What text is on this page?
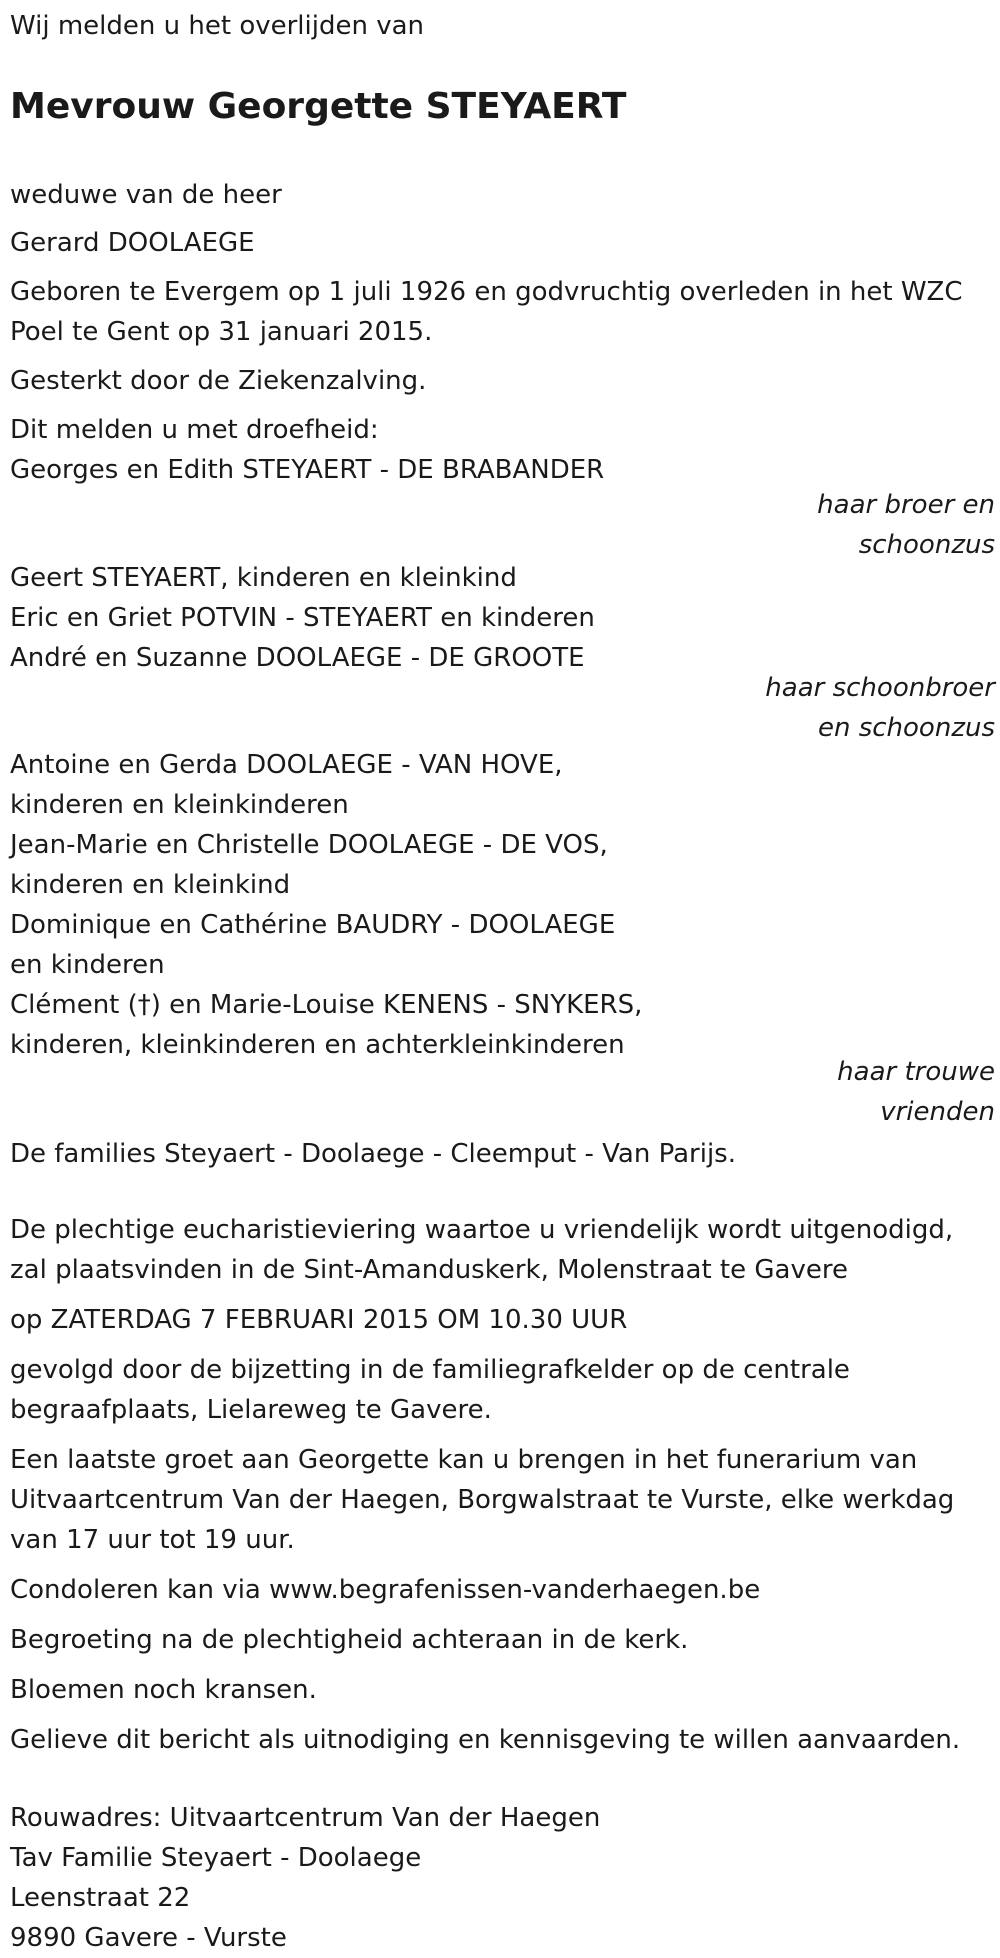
Wij melden u het overlijden van
Mevrouw Georgette STEYAERT
weduwe van de heer
Gerard DOOLAEGE
Geboren te Evergem op 1 juli 1926 en godvruchtig overleden in het WZC
Poel te Gent op 31 januari 2015.
Gesterkt door de Ziekenzalving.
Dit melden u met droefheid:
Georges en Edith STEYAERT - DE BRABANDER
haar broer en
schoonzus
Geert STEYAERT, kinderen en kleinkind
Eric en Griet POTVIN - STEYAERT en kinderen
André en Suzanne DOOLAEGE - DE GROOTE
haar schoonbroer
en schoonzus
Antoine en Gerda DOOLAEGE - VAN HOVE,
kinderen en kleinkinderen
Jean-Marie en Christelle DOOLAEGE - DE VOS,
kinderen en kleinkind
Dominique en Cathérine BAUDRY - DOOLAEGE
en kinderen
Clément (†) en Marie-Louise KENENS - SNYKERS,
kinderen, kleinkinderen en achterkleinkinderen
haar trouwe
vrienden
De families Steyaert - Doolaege - Cleemput - Van Parijs.
De plechtige eucharistieviering waartoe u vriendelijk wordt uitgenodigd,
zal plaatsvinden in de Sint-Amanduskerk, Molenstraat te Gavere
op ZATERDAG 7 FEBRUARI 2015 OM 10.30 UUR
gevolgd door de bijzetting in de familiegrafkelder op de centrale
begraafplaats, Lielareweg te Gavere.
Een laatste groet aan Georgette kan u brengen in het funerarium van
Uitvaartcentrum Van der Haegen, Borgwalstraat te Vurste, elke werkdag
van 17 uur tot 19 uur.
Condoleren kan via www.begrafenissen-vanderhaegen.be
Begroeting na de plechtigheid achteraan in de kerk.
Bloemen noch kransen.
Gelieve dit bericht als uitnodiging en kennisgeving te willen aanvaarden.
Rouwadres: Uitvaartcentrum Van der Haegen
Tav Familie Steyaert - Doolaege
Leenstraat 22
9890 Gavere - Vurste
